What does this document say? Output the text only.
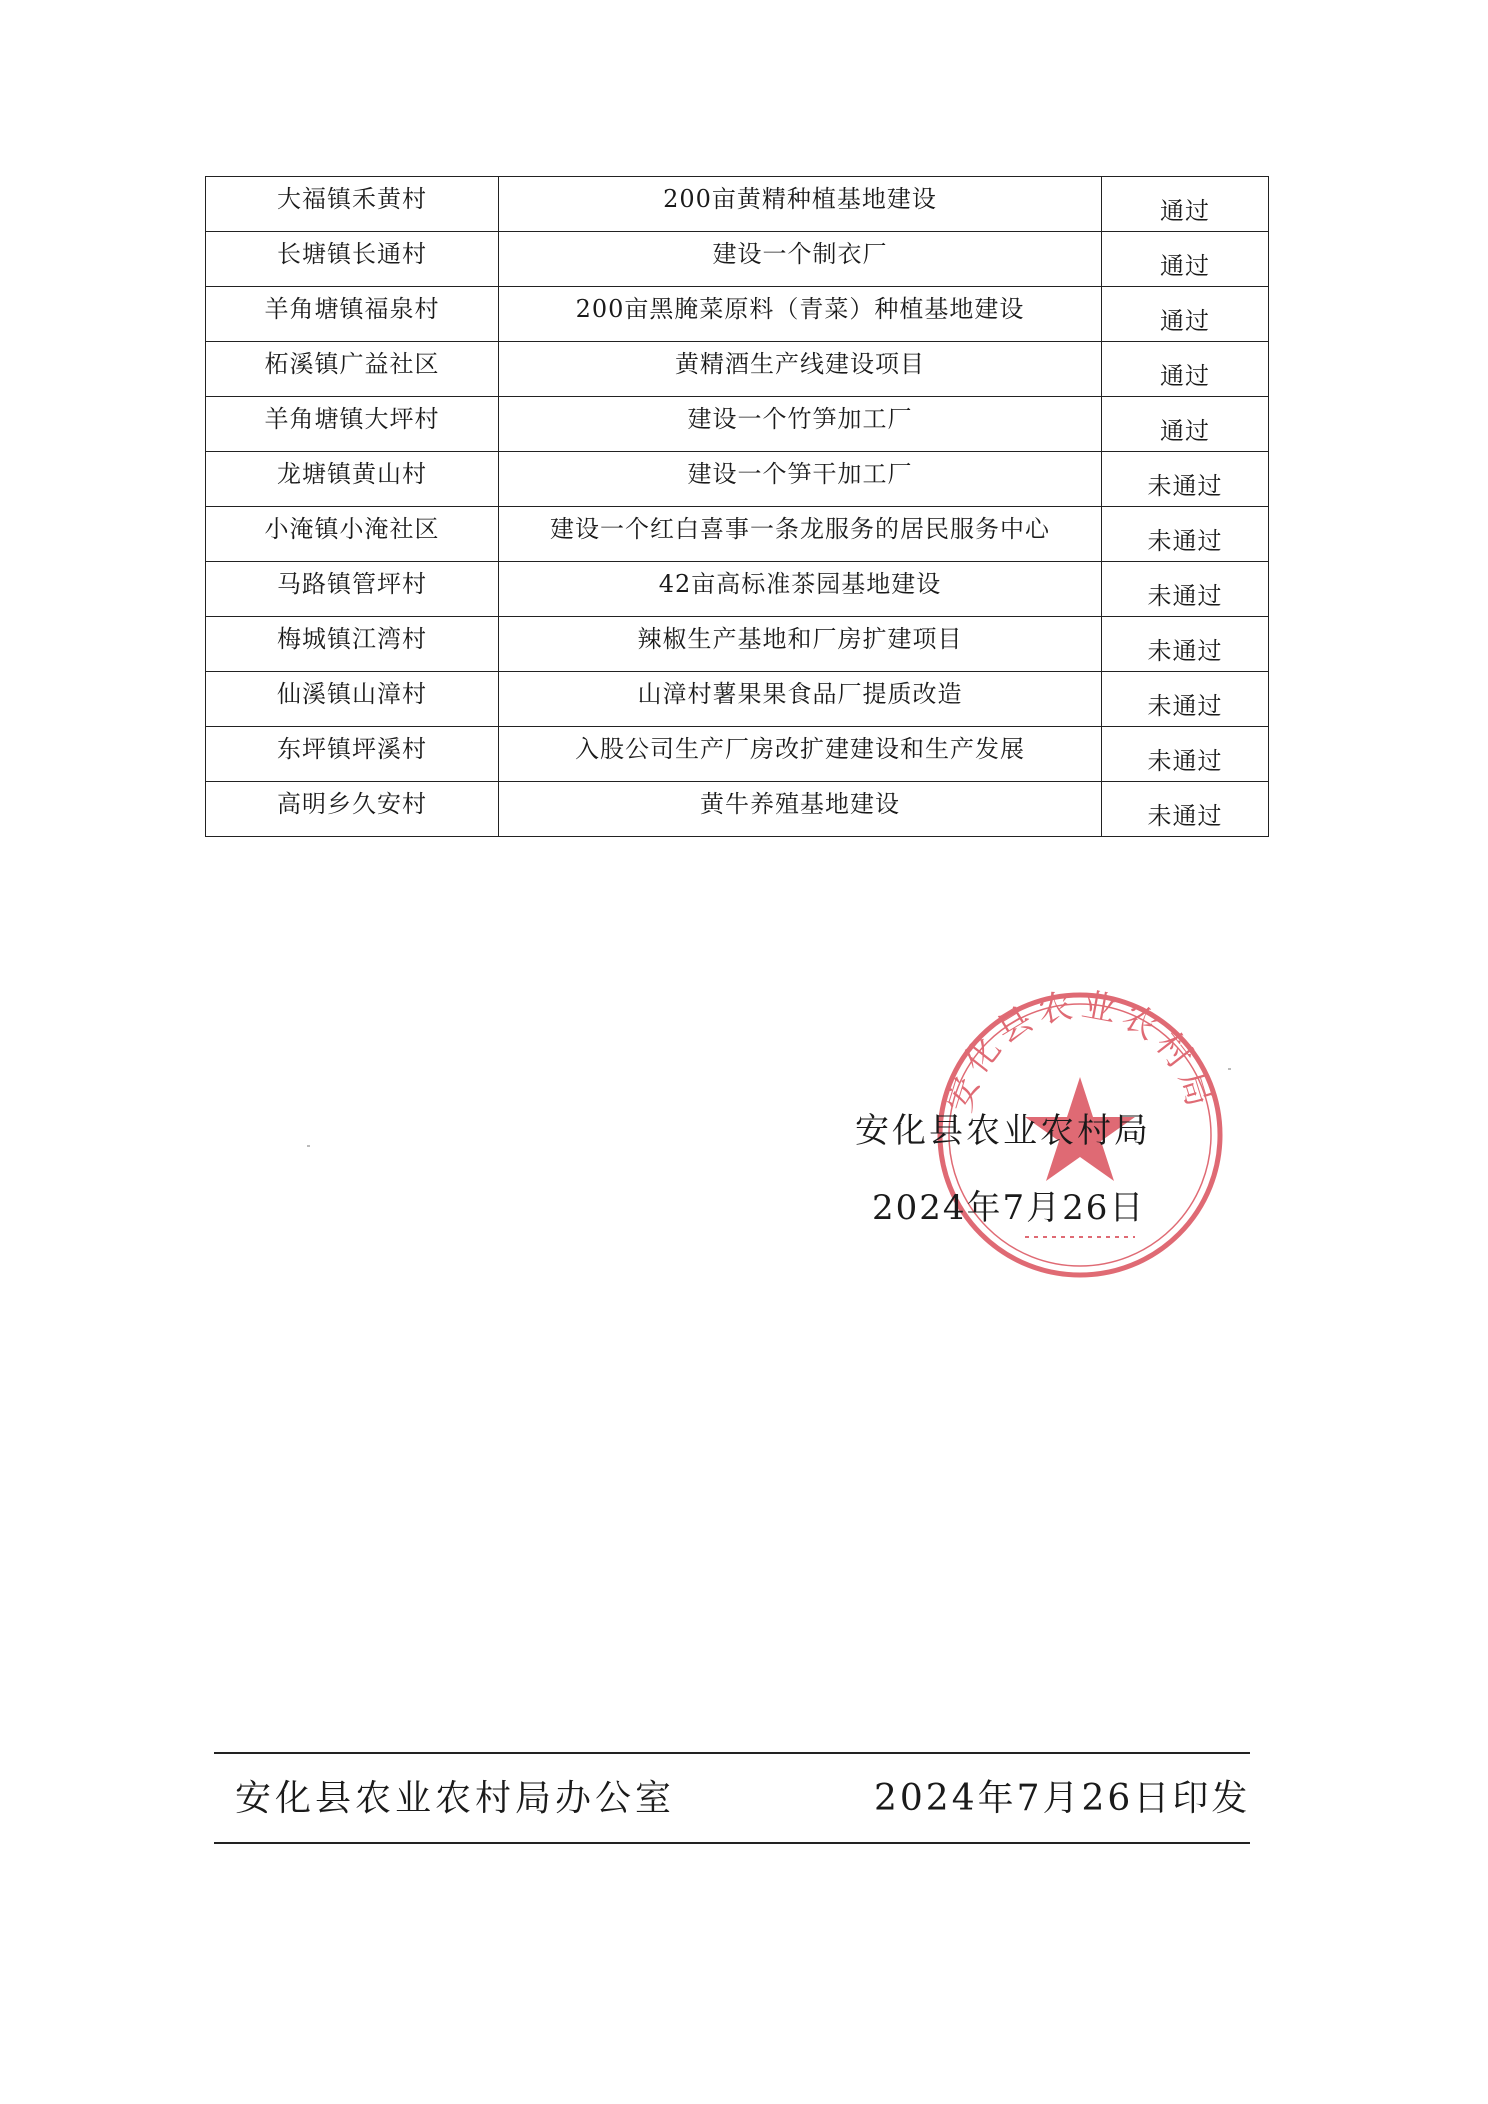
大福镇禾黄村	200亩黄精种植基地建设	通过
长塘镇长通村	建设一个制衣厂	通过
羊角塘镇福泉村	200亩黑腌菜原料（青菜）种植基地建设	通过
柘溪镇广益社区	黄精酒生产线建设项目	通过
羊角塘镇大坪村	建设一个竹笋加工厂	通过
龙塘镇黄山村	建设一个笋干加工厂	未通过
小淹镇小淹社区	建设一个红白喜事一条龙服务的居民服务中心	未通过
马路镇管坪村	42亩高标准茶园基地建设	未通过
梅城镇江湾村	辣椒生产基地和厂房扩建项目	未通过
仙溪镇山漳村	山漳村薯果果食品厂提质改造	未通过
东坪镇坪溪村	入股公司生产厂房改扩建建设和生产发展	未通过
高明乡久安村	黄牛养殖基地建设	未通过
安化县农业农村局
安化县农业农村局
2024年7月26日
安化县农业农村局办公室	2024年7月26日印发
